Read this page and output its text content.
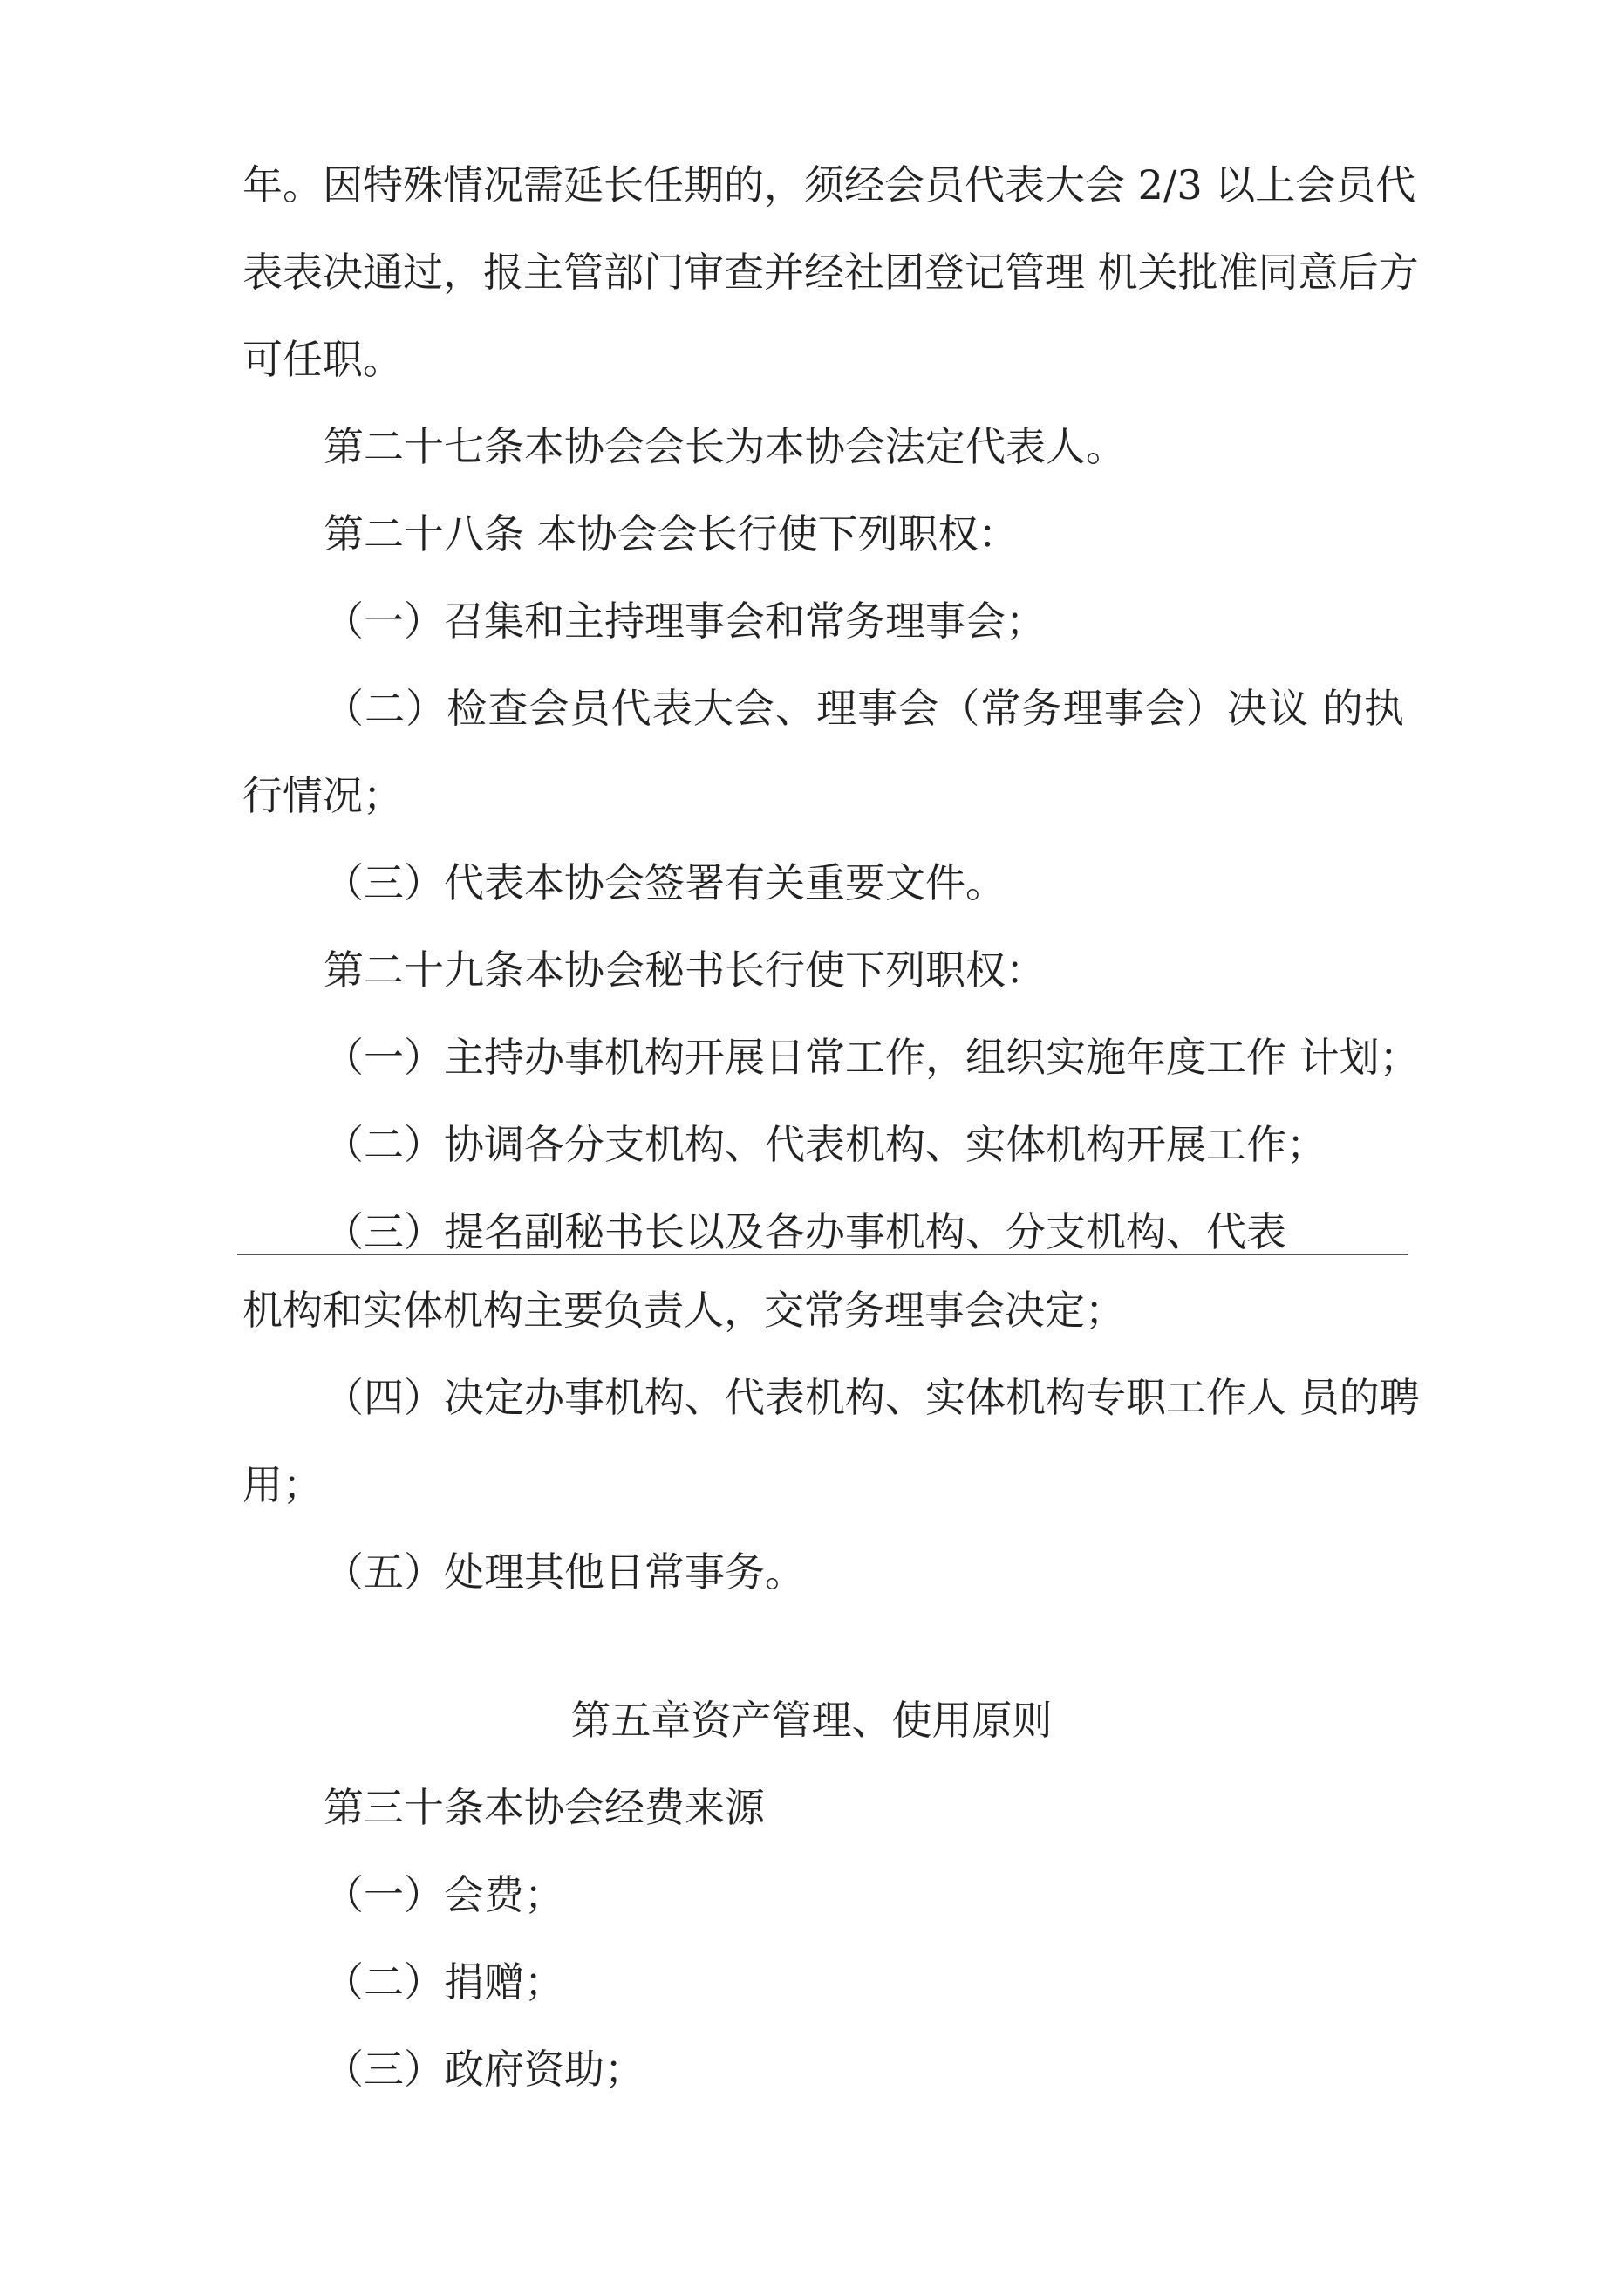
年。因特殊情况需延长任期的，须经会员代表大会 2/3 以上会员代
表表决通过，报主管部门审查并经社团登记管理 机关批准同意后方
可任职。
第二十七条本协会会长为本协会法定代表人。
第二十八条 本协会会长行使下列职权：
（一）召集和主持理事会和常务理事会；
（二）检查会员代表大会、理事会（常务理事会）决议 的执
行情况；
（三）代表本协会签署有关重要文件。
第二十九条本协会秘书长行使下列职权：
（一）主持办事机构开展日常工作，组织实施年度工作 计划；
（二）协调各分支机构、代表机构、实体机构开展工作；
（三）提名副秘书长以及各办事机构、分支机构、代表
机构和实体机构主要负责人，交常务理事会决定；
（四）决定办事机构、代表机构、实体机构专职工作人 员的聘
用；
（五）处理其他日常事务。
第五章资产管理、使用原则
第三十条本协会经费来源
（一）会费；
（二）捐赠；
（三）政府资助；
